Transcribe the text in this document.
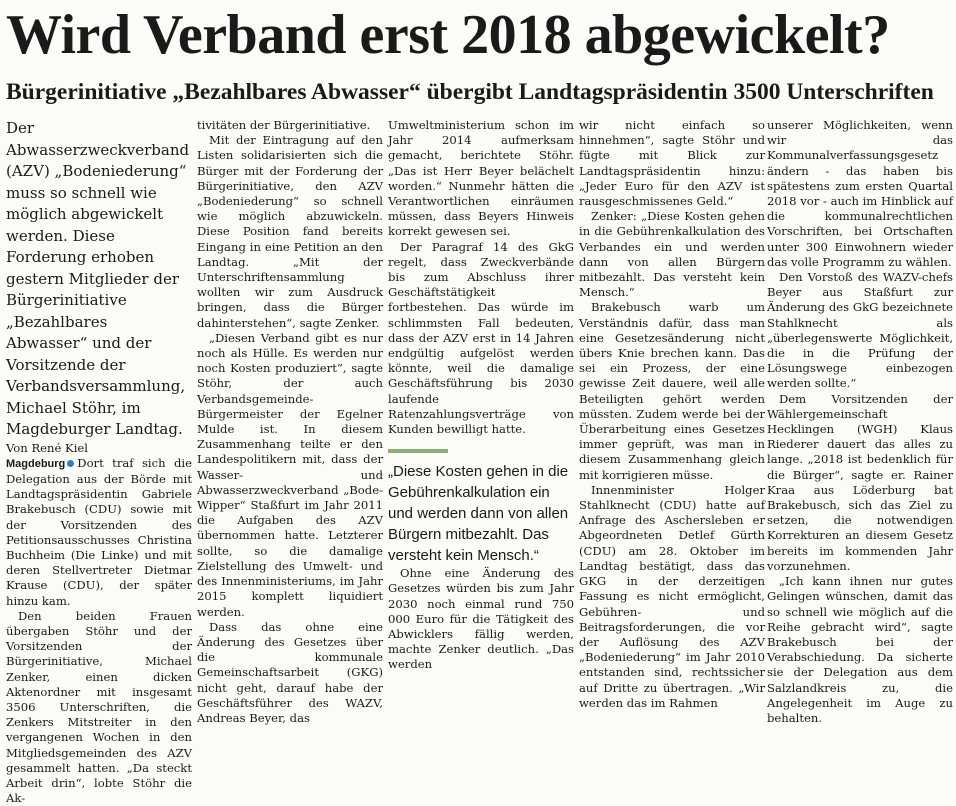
Wird Verband erst 2018 abgewickelt?
Bürgerinitiative „Bezahlbares Abwasser“ übergibt Landtagspräsidentin 3500 Unterschriften

Der Abwasserzweckverband (AZV) „Bodeniederung“ muss so schnell wie möglich abgewickelt werden. Diese Forderung erhoben gestern Mitglieder der Bürgerinitiative „Bezahlbares Abwasser“ und der Vorsitzende der Verbandsversammlung, Michael Stöhr, im Magdeburger Landtag.

Von René Kiel

Magdeburg Dort traf sich die Delegation aus der Börde mit Landtagspräsidentin Gabriele Brakebusch (CDU) sowie mit der Vorsitzenden des Petitionsausschusses Christina Buchheim (Die Linke) und mit deren Stellvertreter Dietmar Krause (CDU), der später hinzu kam.

Den beiden Frauen übergaben Stöhr und der Vorsitzenden der Bürgerinitiative, Michael Zenker, einen dicken Aktenordner mit insgesamt 3506 Unterschriften, die Zenkers Mitstreiter in den vergangenen Wochen in den Mitgliedsgemeinden des AZV gesammelt hatten. „Da steckt Arbeit drin“, lobte Stöhr die Ak-

tivitäten der Bürgerinitiative.

Mit der Eintragung auf den Listen solidarisierten sich die Bürger mit der Forderung der Bürgerinitiative, den AZV „Bodeniederung“ so schnell wie möglich abzuwickeln. Diese Position fand bereits Eingang in eine Petition an den Landtag. „Mit der Unterschriftensammlung wollten wir zum Ausdruck bringen, dass die Bürger dahinterstehen“, sagte Zenker.

„Diesen Verband gibt es nur noch als Hülle. Es werden nur noch Kosten produziert“, sagte Stöhr, der auch Verbandsgemeinde-Bürgermeister der Egelner Mulde ist. In diesem Zusammenhang teilte er den Landespolitikern mit, dass der Wasser- und Abwasserzweckverband „Bode-Wipper“ Staßfurt im Jahr 2011 die Aufgaben des AZV übernommen hatte. Letzterer sollte, so die damalige Zielstellung des Umwelt- und des Innenministeriums, im Jahr 2015 komplett liquidiert werden.

Dass das ohne eine Änderung des Gesetzes über die kommunale Gemeinschaftsarbeit (GKG) nicht geht, darauf habe der Geschäftsführer des WAZV, Andreas Beyer, das

Umweltministerium schon im Jahr 2014 aufmerksam gemacht, berichtete Stöhr. „Das ist Herr Beyer belächelt worden.“ Nunmehr hätten die Verantwortlichen einräumen müssen, dass Beyers Hinweis korrekt gewesen sei.

Der Paragraf 14 des GkG regelt, dass Zweckverbände bis zum Abschluss ihrer Geschäftstätigkeit fortbestehen. Das würde im schlimmsten Fall bedeuten, dass der AZV erst in 14 Jahren endgültig aufgelöst werden könnte, weil die damalige Geschäftsführung bis 2030 laufende Ratenzahlungsverträge von Kunden bewilligt hatte.

„Diese Kosten gehen in die Gebührenkalkulation ein und werden dann von allen Bürgern mitbezahlt. Das versteht kein Mensch.“

Ohne eine Änderung des Gesetzes würden bis zum Jahr 2030 noch einmal rund 750 000 Euro für die Tätigkeit des Abwicklers fällig werden, machte Zenker deutlich. „Das werden

wir nicht einfach so hinnehmen“, sagte Stöhr und fügte mit Blick zur Landtagspräsidentin hinzu: „Jeder Euro für den AZV ist rausgeschmissenes Geld.“

Zenker: „Diese Kosten gehen in die Gebührenkalkulation des Verbandes ein und werden dann von allen Bürgern mitbezahlt. Das versteht kein Mensch.“

Brakebusch warb um Verständnis dafür, dass man eine Gesetzesänderung nicht übers Knie brechen kann. Das sei ein Prozess, der eine gewisse Zeit dauere, weil alle Beteiligten gehört werden müssten. Zudem werde bei der Überarbeitung eines Gesetzes immer geprüft, was man in diesem Zusammenhang gleich mit korrigieren müsse.

Innenminister Holger Stahlknecht (CDU) hatte auf Anfrage des Aschersleben er Abgeordneten Detlef Gürth (CDU) am 28. Oktober im Landtag bestätigt, dass das GKG in der derzeitigen Fassung es nicht ermöglicht, Gebühren- und Beitragsforderungen, die vor der Auflösung des AZV „Bodeniederung“ im Jahr 2010 entstanden sind, rechtssicher auf Dritte zu übertragen. „Wir werden das im Rahmen

unserer Möglichkeiten, wenn wir das Kommunalverfassungsgesetz ändern - das haben bis spätestens zum ersten Quartal 2018 vor - auch im Hinblick auf die kommunalrechtlichen Vorschriften, bei Ortschaften unter 300 Einwohnern wieder das volle Programm zu wählen.

Den Vorstoß des WAZV-chefs Beyer aus Staßfurt zur Änderung des GkG bezeichnete Stahlknecht als „überlegenswerte Möglichkeit, die in die Prüfung der Lösungswege einbezogen werden sollte.“

Dem Vorsitzenden der Wählergemeinschaft Hecklingen (WGH) Klaus Riederer dauert das alles zu lange. „2018 ist bedenklich für die Bürger“, sagte er. Rainer Kraa aus Löderburg bat Brakebusch, sich das Ziel zu setzen, die notwendigen Korrekturen an diesem Gesetz bereits im kommenden Jahr vorzunehmen.

„Ich kann ihnen nur gutes Gelingen wünschen, damit das so schnell wie möglich auf die Reihe gebracht wird“, sagte Brakebusch bei der Verabschiedung. Da sicherte sie der Delegation aus dem Salzlandkreis zu, die Angelegenheit im Auge zu behalten.
